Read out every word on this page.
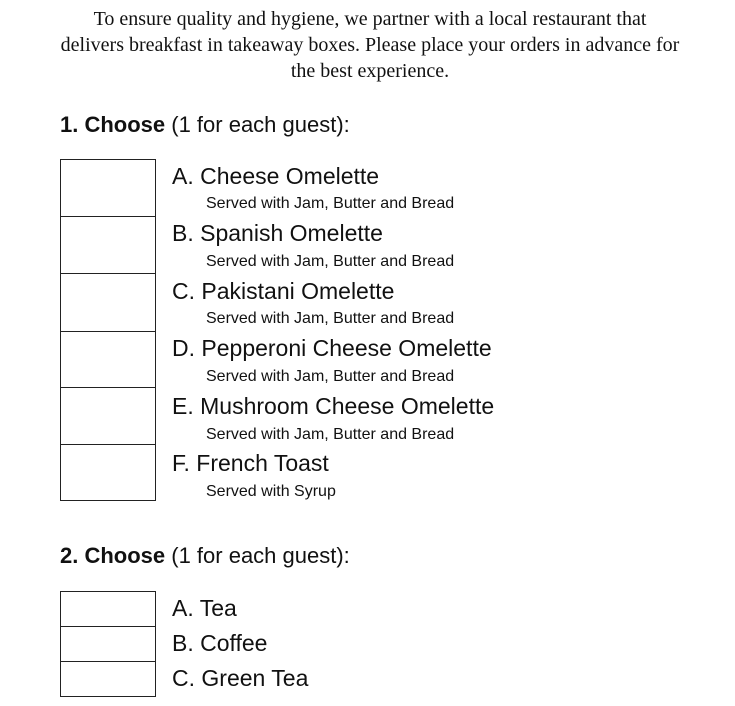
To ensure quality and hygiene, we partner with a local restaurant that delivers breakfast in takeaway boxes. Please place your orders in advance for the best experience.
1. Choose (1 for each guest):
A. Cheese Omelette
Served with Jam, Butter and Bread
B. Spanish Omelette
Served with Jam, Butter and Bread
C. Pakistani Omelette
Served with Jam, Butter and Bread
D. Pepperoni Cheese Omelette
Served with Jam, Butter and Bread
E. Mushroom Cheese Omelette
Served with Jam, Butter and Bread
F. French Toast
Served with Syrup
2. Choose (1 for each guest):
A. Tea
B. Coffee
C. Green Tea
